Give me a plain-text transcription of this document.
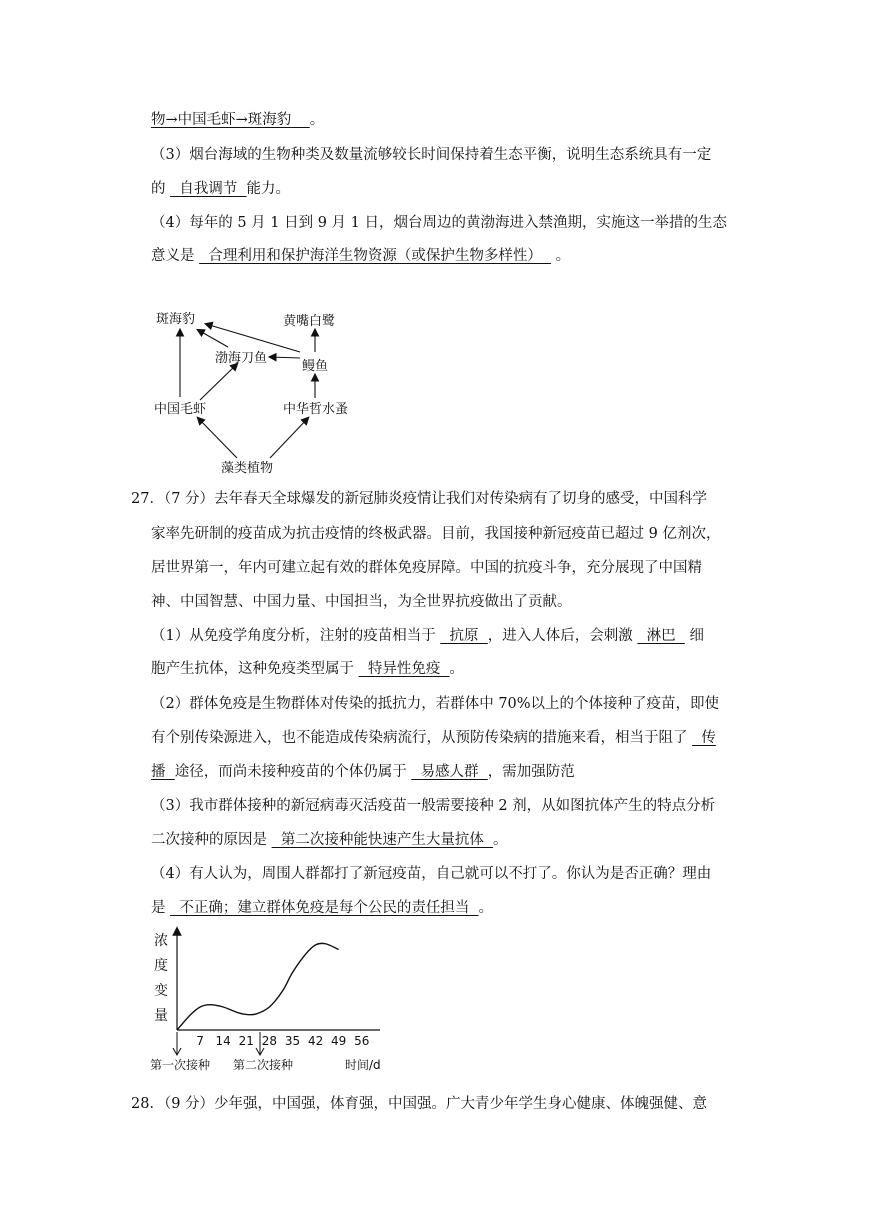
物→中国毛虾→斑海豹 。
（3）烟台海域的生物种类及数量流够较长时间保持着生态平衡，说明生态系统具有一定
的   自我调节  能力。
（4）每年的 5 月 1 日到 9 月 1 日，烟台周边的黄渤海进入禁渔期，实施这一举措的生态
意义是   合理利用和保护海洋生物资源（或保护生物多样性）   。
斑海豹	黄嘴白鹭
渤海刀鱼
鳗鱼
中国毛虾	中华哲水蚤
藻类植物
27．（7 分）去年春天全球爆发的新冠肺炎疫情让我们对传染病有了切身的感受，中国科学
家率先研制的疫苗成为抗击疫情的终极武器。目前，我国接种新冠疫苗已超过 9 亿剂次，
居世界第一，年内可建立起有效的群体免疫屏障。中国的抗疫斗争，充分展现了中国精
神、中国智慧、中国力量、中国担当，为全世界抗疫做出了贡献。
（1）从免疫学角度分析，注射的疫苗相当于   抗原  ，进入人体后，会刺激   淋巴   细
胞产生抗体，这种免疫类型属于   特异性免疫  。
（2）群体免疫是生物群体对传染的抵抗力，若群体中 70%以上的个体接种了疫苗，即使
有个别传染源进入，也不能造成传染病流行，从预防传染病的措施来看，相当于阻了   传
播  途径，而尚未接种疫苗的个体仍属于   易感人群  ，需加强防范
（3）我市群体接种的新冠病毒灭活疫苗一般需要接种 2 剂，从如图抗体产生的特点分析
二次接种的原因是   第二次接种能快速产生大量抗体  。
（4）有人认为，周围人群都打了新冠疫苗，自己就可以不打了。你认为是否正确？理由
是   不正确；建立群体免疫是每个公民的责任担当  。
浓
度
变
量
7 14 21 28 35 42 49 56
第一次接种 第二次接种	时间/d
28．（9 分）少年强，中国强，体育强，中国强。广大青少年学生身心健康、体魄强健、意
